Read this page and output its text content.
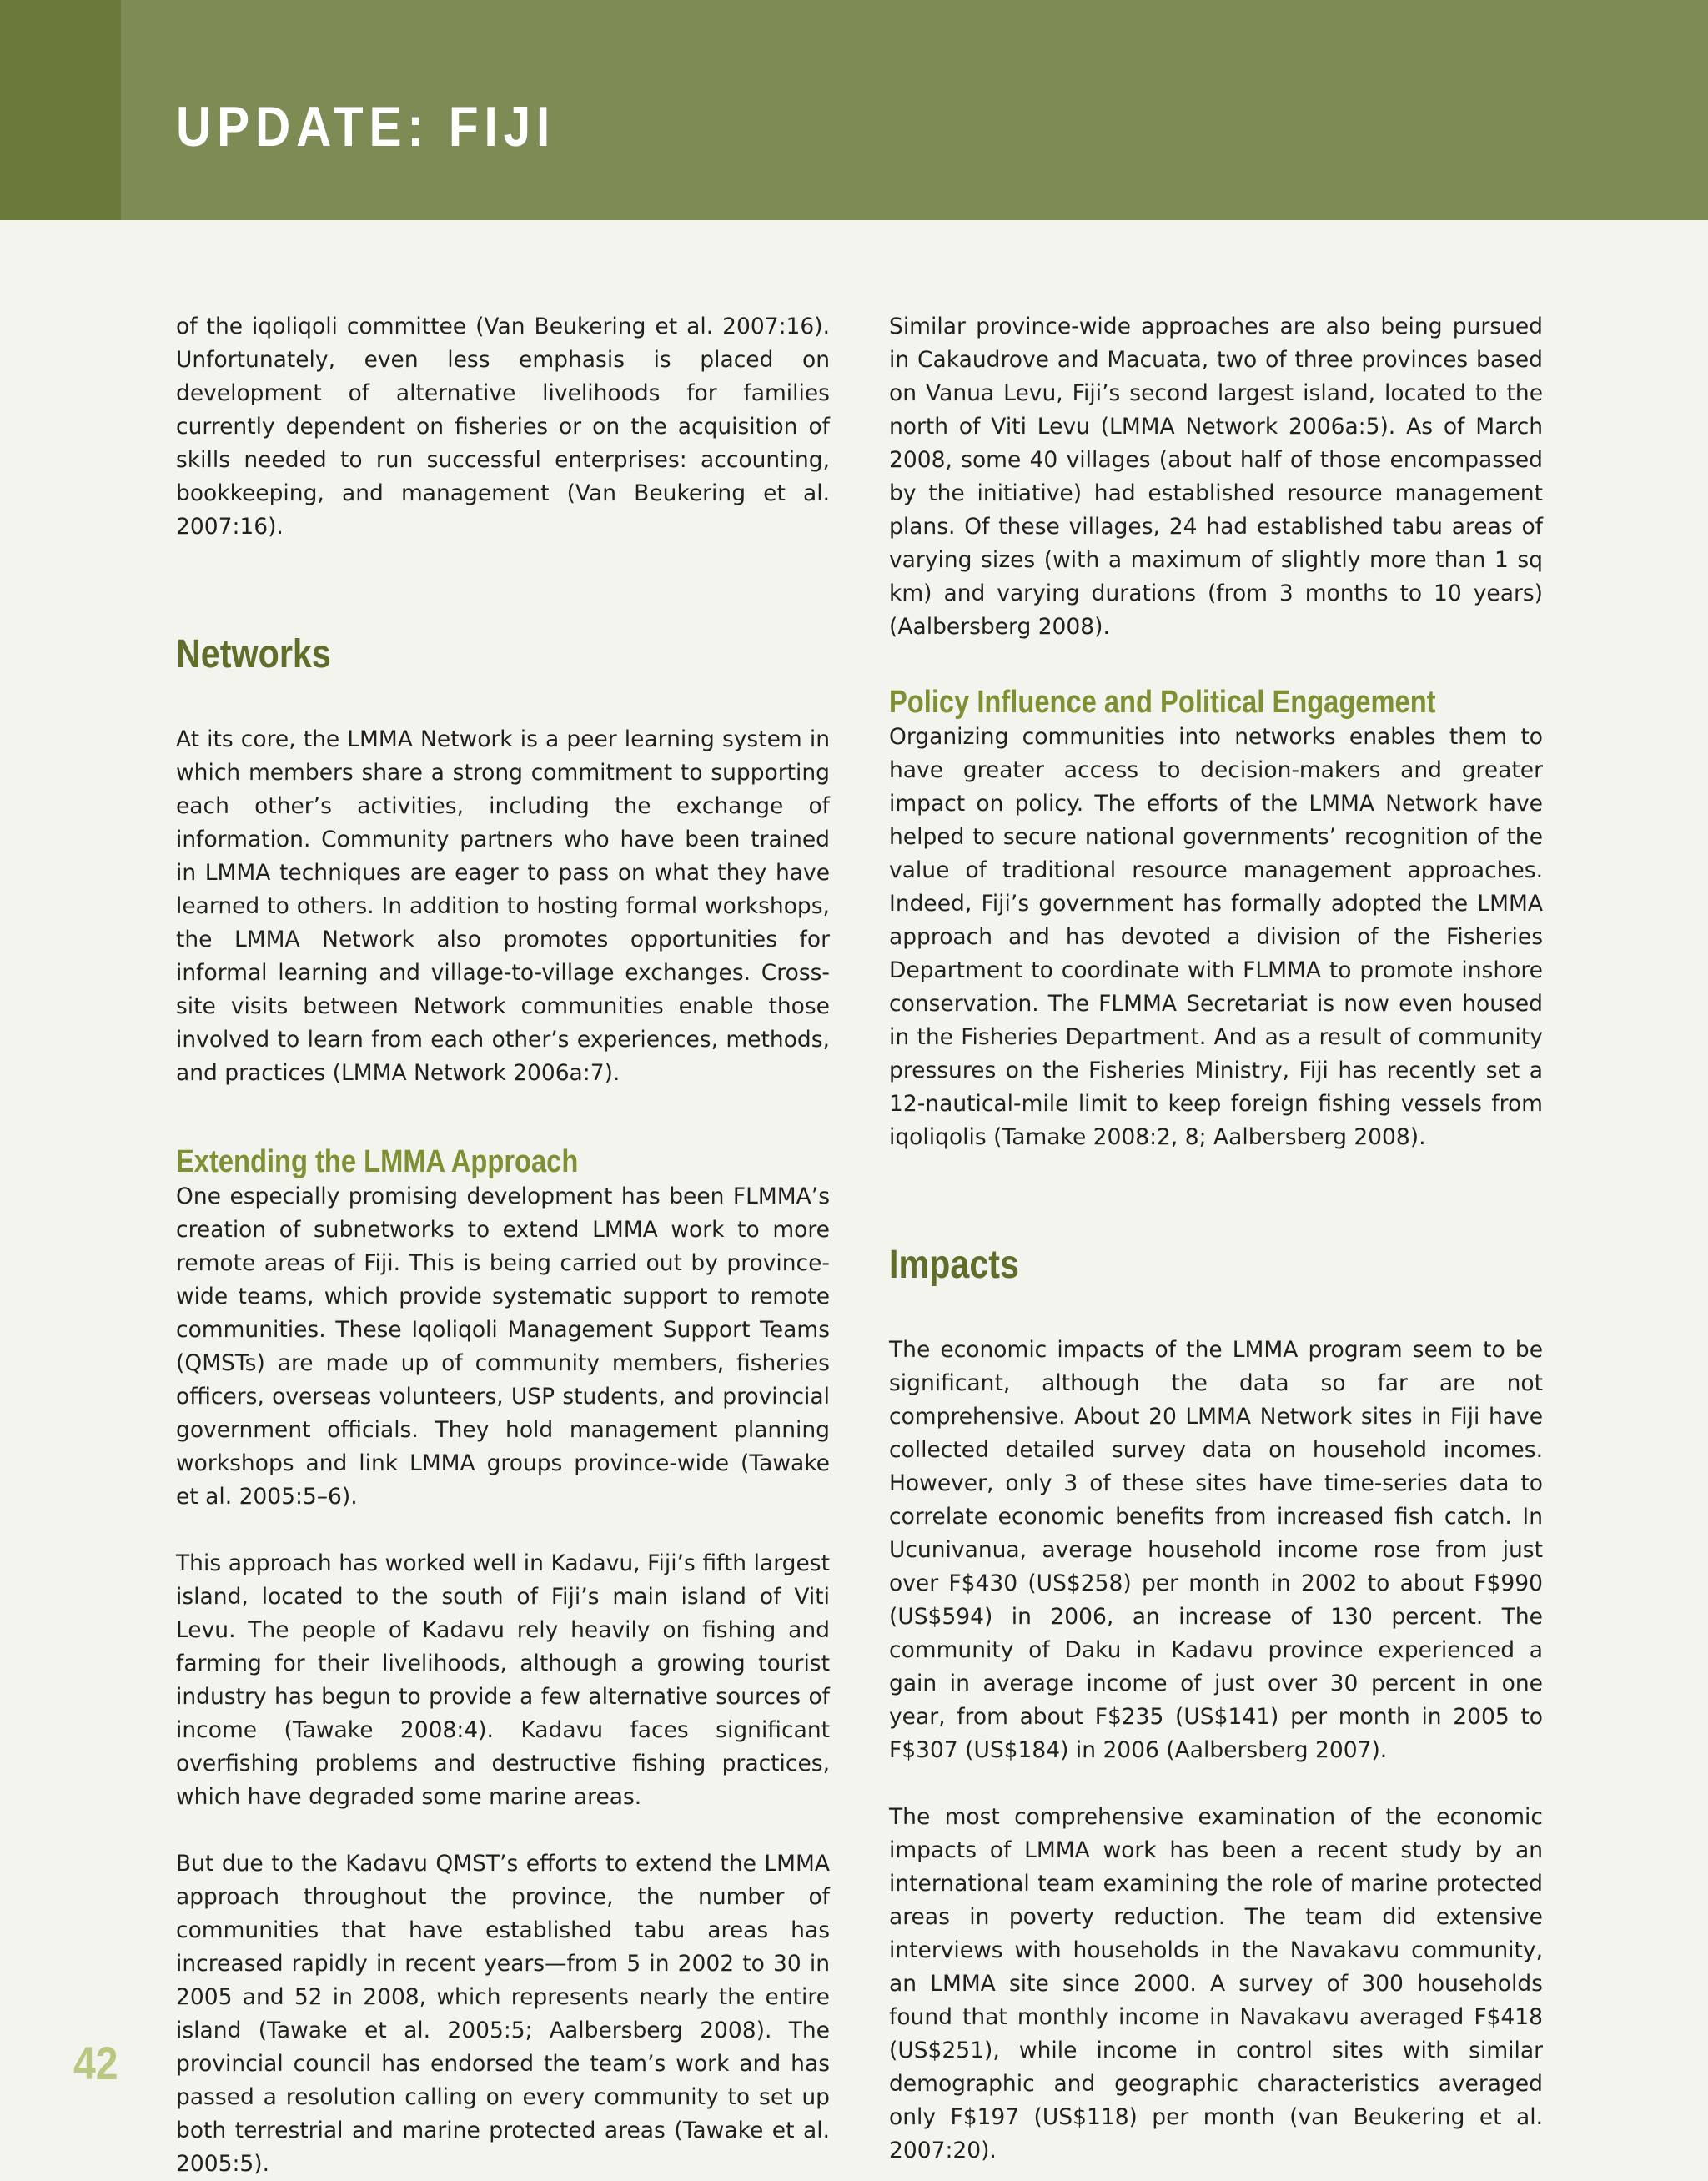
UPDATE: FIJI

of the iqoliqoli committee (Van Beukering et al. 2007:16). Unfortunately, even less emphasis is placed on development of alternative livelihoods for families currently dependent on fisheries or on the acquisition of skills needed to run successful enterprises: accounting, bookkeeping, and management (Van Beukering et al. 2007:16).

Networks

At its core, the LMMA Network is a peer learning system in which members share a strong commitment to supporting each other’s activities, including the exchange of information. Community partners who have been trained in LMMA techniques are eager to pass on what they have learned to others. In addition to hosting formal workshops, the LMMA Network also promotes opportunities for informal learning and village-to-village exchanges. Cross-site visits between Network communities enable those involved to learn from each other’s experiences, methods, and practices (LMMA Network 2006a:7).

Extending the LMMA Approach

One especially promising development has been FLMMA’s creation of subnetworks to extend LMMA work to more remote areas of Fiji. This is being carried out by province-wide teams, which provide systematic support to remote communities. These Iqoliqoli Management Support Teams (QMSTs) are made up of community members, fisheries officers, overseas volunteers, USP students, and provincial government officials. They hold management planning workshops and link LMMA groups province-wide (Tawake et al. 2005:5–6).

This approach has worked well in Kadavu, Fiji’s fifth largest island, located to the south of Fiji’s main island of Viti Levu. The people of Kadavu rely heavily on fishing and farming for their livelihoods, although a growing tourist industry has begun to provide a few alternative sources of income (Tawake 2008:4). Kadavu faces significant overfishing problems and destructive fishing practices, which have degraded some marine areas.

But due to the Kadavu QMST’s efforts to extend the LMMA approach throughout the province, the number of communities that have established tabu areas has increased rapidly in recent years—from 5 in 2002 to 30 in 2005 and 52 in 2008, which represents nearly the entire island (Tawake et al. 2005:5; Aalbersberg 2008). The provincial council has endorsed the team’s work and has passed a resolution calling on every community to set up both terrestrial and marine protected areas (Tawake et al. 2005:5).

Similar province-wide approaches are also being pursued in Cakaudrove and Macuata, two of three provinces based on Vanua Levu, Fiji’s second largest island, located to the north of Viti Levu (LMMA Network 2006a:5). As of March 2008, some 40 villages (about half of those encompassed by the initiative) had established resource management plans. Of these villages, 24 had established tabu areas of varying sizes (with a maximum of slightly more than 1 sq km) and varying durations (from 3 months to 10 years) (Aalbersberg 2008).

Policy Influence and Political Engagement

Organizing communities into networks enables them to have greater access to decision-makers and greater impact on policy. The efforts of the LMMA Network have helped to secure national governments’ recognition of the value of traditional resource management approaches. Indeed, Fiji’s government has formally adopted the LMMA approach and has devoted a division of the Fisheries Department to coordinate with FLMMA to promote inshore conservation. The FLMMA Secretariat is now even housed in the Fisheries Department. And as a result of community pressures on the Fisheries Ministry, Fiji has recently set a 12-nautical-mile limit to keep foreign fishing vessels from iqoliqolis (Tamake 2008:2, 8; Aalbersberg 2008).

Impacts

The economic impacts of the LMMA program seem to be significant, although the data so far are not comprehensive. About 20 LMMA Network sites in Fiji have collected detailed survey data on household incomes. However, only 3 of these sites have time-series data to correlate economic benefits from increased fish catch. In Ucunivanua, average household income rose from just over F$430 (US$258) per month in 2002 to about F$990 (US$594) in 2006, an increase of 130 percent. The community of Daku in Kadavu province experienced a gain in average income of just over 30 percent in one year, from about F$235 (US$141) per month in 2005 to F$307 (US$184) in 2006 (Aalbersberg 2007).

The most comprehensive examination of the economic impacts of LMMA work has been a recent study by an international team examining the role of marine protected areas in poverty reduction. The team did extensive interviews with households in the Navakavu community, an LMMA site since 2000. A survey of 300 households found that monthly income in Navakavu averaged F$418 (US$251), while income in control sites with similar demographic and geographic characteristics averaged only F$197 (US$118) per month (van Beukering et al. 2007:20).

42
